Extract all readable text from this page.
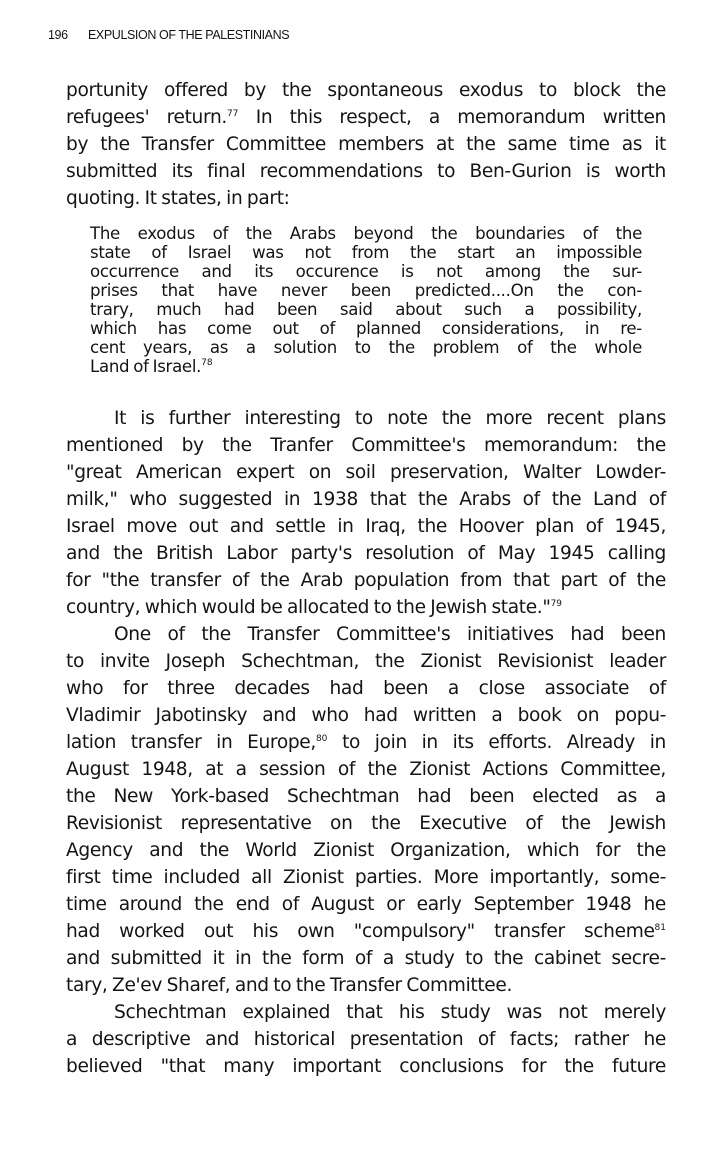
196 EXPULSION OF THE PALESTINIANS
portunity offered by the spontaneous exodus to block the
refugees' return.$^{77}$ In this respect, a memorandum written
by the Transfer Committee members at the same time as it
submitted its final recommendations to Ben-Gurion is worth
quoting. It states, in part:
The exodus of the Arabs beyond the boundaries of the
state of Israel was not from the start an impossible
occurrence and its occurence is not among the sur-
prises that have never been predicted....On the con-
trary, much had been said about such a possibility,
which has come out of planned considerations, in re-
cent years, as a solution to the problem of the whole
Land of Israel.$^{78}$
It is further interesting to note the more recent plans
mentioned by the Tranfer Committee's memorandum: the
"great American expert on soil preservation, Walter Lowder-
milk," who suggested in 1938 that the Arabs of the Land of
Israel move out and settle in Iraq, the Hoover plan of 1945,
and the British Labor party's resolution of May 1945 calling
for "the transfer of the Arab population from that part of the
country, which would be allocated to the Jewish state."$^{79}$
One of the Transfer Committee's initiatives had been
to invite Joseph Schechtman, the Zionist Revisionist leader
who for three decades had been a close associate of
Vladimir Jabotinsky and who had written a book on popu-
lation transfer in Europe,$^{80}$ to join in its efforts. Already in
August 1948, at a session of the Zionist Actions Committee,
the New York-based Schechtman had been elected as a
Revisionist representative on the Executive of the Jewish
Agency and the World Zionist Organization, which for the
first time included all Zionist parties. More importantly, some-
time around the end of August or early September 1948 he
had worked out his own "compulsory" transfer scheme$^{81}$
and submitted it in the form of a study to the cabinet secre-
tary, Ze'ev Sharef, and to the Transfer Committee.
Schechtman explained that his study was not merely
a descriptive and historical presentation of facts; rather he
believed "that many important conclusions for the future
